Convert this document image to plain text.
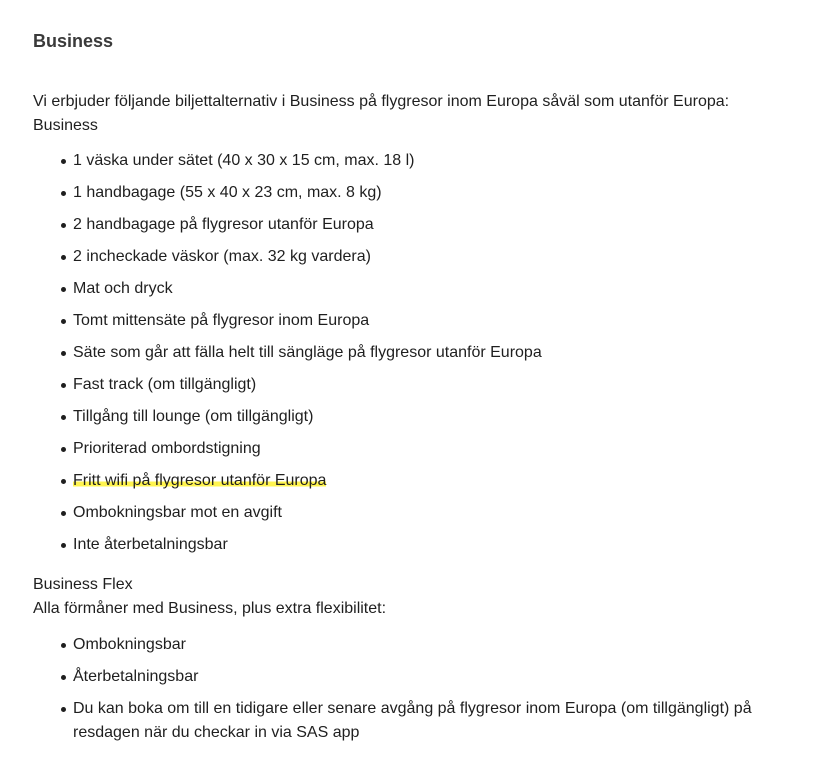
Business

Vi erbjuder följande biljettalternativ i Business på flygresor inom Europa såväl som utanför Europa:

Business

1 väska under sätet (40 x 30 x 15 cm, max. 18 l)
1 handbagage (55 x 40 x 23 cm, max. 8 kg)
2 handbagage på flygresor utanför Europa
2 incheckade väskor (max. 32 kg vardera)
Mat och dryck
Tomt mittensäte på flygresor inom Europa
Säte som går att fälla helt till sängläge på flygresor utanför Europa
Fast track (om tillgängligt)
Tillgång till lounge (om tillgängligt)
Prioriterad ombordstigning
Fritt wifi på flygresor utanför Europa
Ombokningsbar mot en avgift
Inte återbetalningsbar

Business Flex

Alla förmåner med Business, plus extra flexibilitet:

Ombokningsbar
Återbetalningsbar
Du kan boka om till en tidigare eller senare avgång på flygresor inom Europa (om tillgängligt) på resdagen när du checkar in via SAS app
